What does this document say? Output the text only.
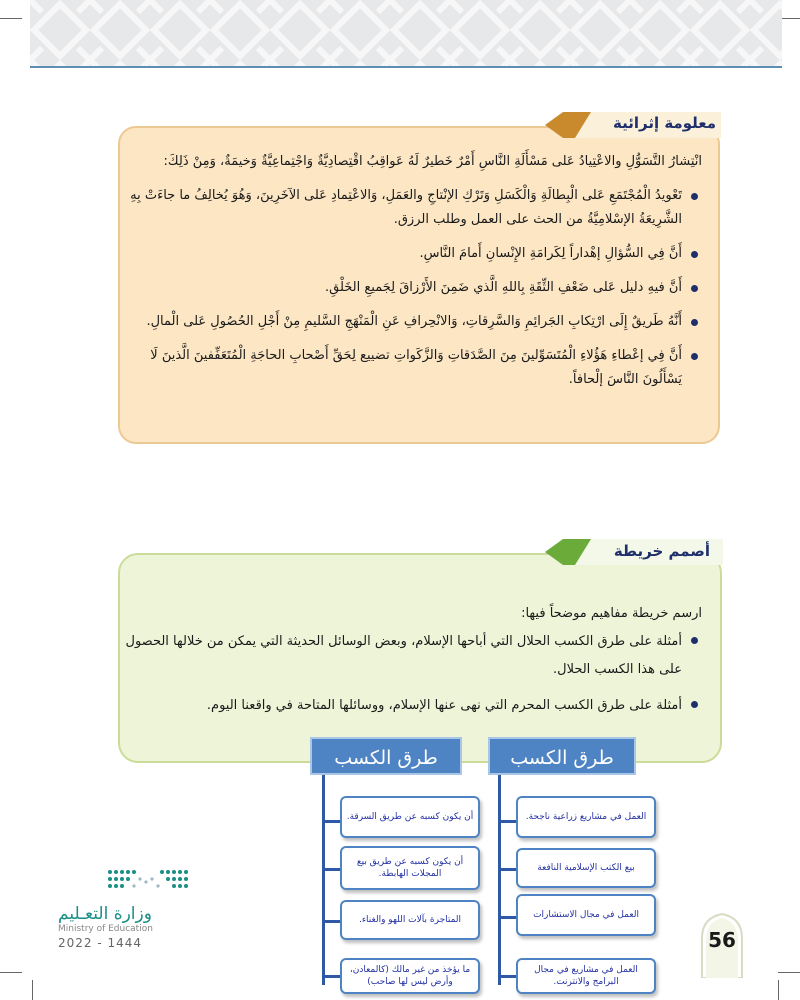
معلومة إثرائية
انْتِشارُ التَّسَوُّلِ والاعْتِيادُ عَلى مَسْأَلَةِ النَّاسِ أَمْرٌ خَطيرٌ لَهُ عَواقِبُ اقْتِصادِيَّةٌ وَاجْتِماعِيَّةٌ وَخيمَةٌ، وَمِنْ ذَلِكَ:
تَعْويدُ الْمُجْتَمَعِ عَلى الْبِطالَةِ وَالْكَسَلِ وَتَرْكِ الإنْتاجِ والعَمَلِ، وَالاعْتِمادِ عَلى الآخَرِينَ، وَهُوَ يُخالِفُ ما جاءَتْ بِهِ الشَّرِيعَةُ الإسْلامِيَّةُ من الحث على العمل وطلب الرزق.
أَنَّ فِي السُّؤالِ إهْداراً لِكَرامَةِ الإِنْسانِ أَمامَ النَّاسِ.
أَنَّ فيهِ دليل عَلى ضَعْفِ الثِّقَةِ بِاللهِ الَّذي ضَمِنَ الأَرْزاقَ لِجَميعِ الخَلْقِ.
أَنَّهُ طَريقٌ إِلَى ارْتِكابِ الجَرائِمِ وَالسَّرِقاتِ، وَالانْحِرافِ عَنِ الْمَنْهَجِ السَّليمِ مِنْ أَجْلِ الحُصُولِ عَلى الْمالِ.
أَنَّ فِي إعْطاءِ هَؤُلاءِ الْمُتَسَوِّلينَ مِنَ الصَّدَقاتِ وَالزَّكَواتِ تضييع لِحَقِّ أَصْحابِ الحاجَةِ الْمُتَعَفِّفينَ الَّذينَ لَا يَسْأَلُونَ النَّاسَ إلْحافاً.
أصمم خريطة
ارسم خريطة مفاهيم موضحاً فيها:
أمثلة على طرق الكسب الحلال التي أباحها الإسلام، وبعض الوسائل الحديثة التي يمكن من خلالها الحصول على هذا الكسب الحلال.
أمثلة على طرق الكسب المحرم التي نهى عنها الإسلام، ووسائلها المتاحة في واقعنا اليوم.
طرق الكسب
العمل في مشاريع زراعية ناجحة.
بيع الكتب الإسلامية النافعة
العمل في مجال الاستشارات
العمل في مشاريع في مجال البرامج والانترنت.
طرق الكسب
أن يكون كسبه عن طريق السرقة.
أن يكون كسبه عن طريق بيع المجلات الهابطة.
المتاجرة بآلات اللهو والغناء.
ما يؤخذ من غير مالك (كالمعادن، وأرض ليس لها صاحب)
وزارة التعـليم
Ministry of Education
2022 - 1444	56
